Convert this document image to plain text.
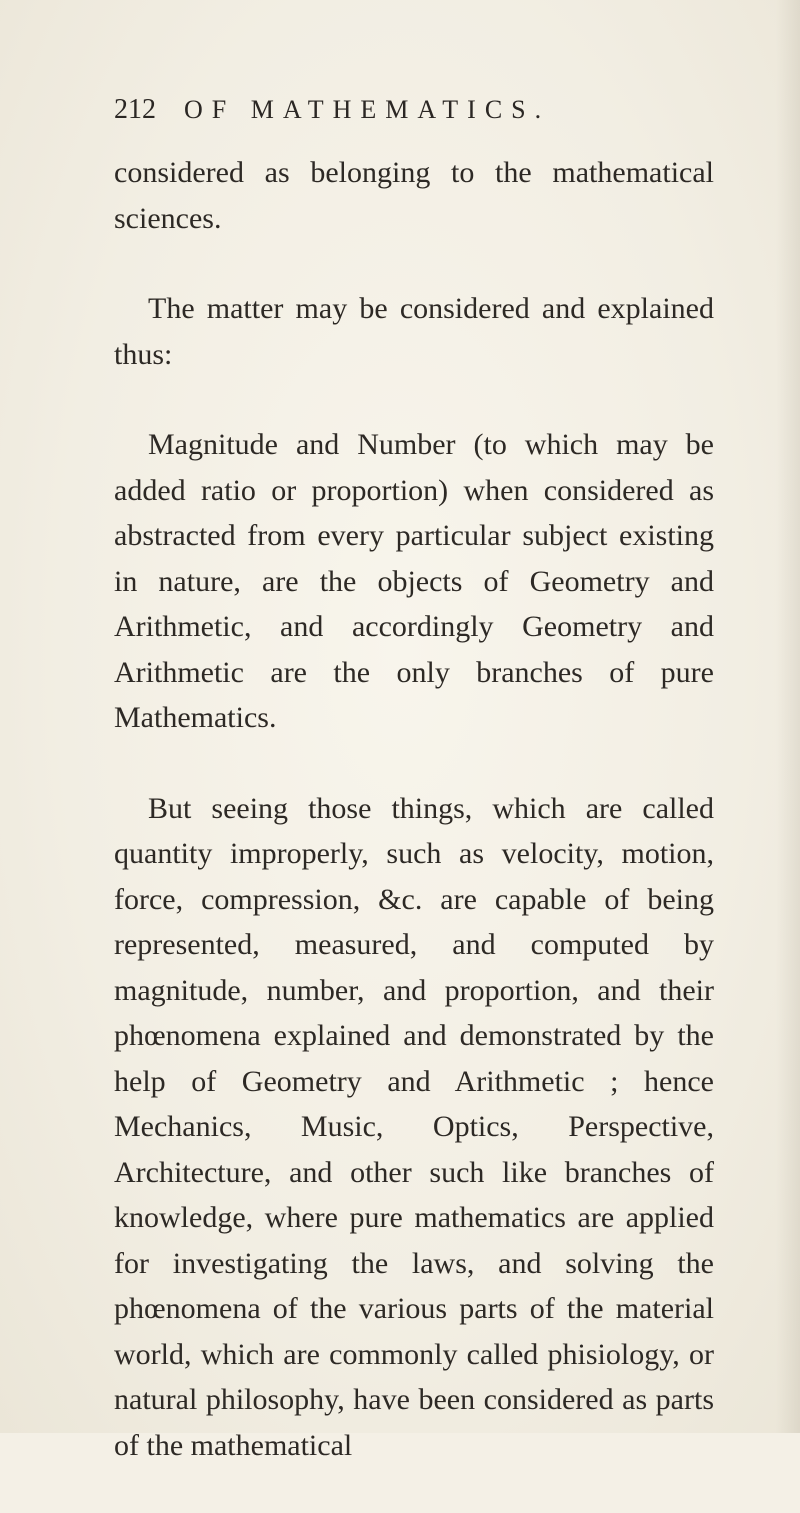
212	OF MATHEMATICS.

considered as belonging to the mathematical sciences.

The matter may be considered and explained thus:

Magnitude and Number (to which may be added ratio or proportion) when considered as abstracted from every particular subject existing in nature, are the objects of Geometry and Arithmetic, and accordingly Geometry and Arithmetic are the only branches of pure Mathematics.

But seeing those things, which are called quantity improperly, such as velocity, motion, force, compression, &c. are capable of being represented, measured, and computed by magnitude, number, and proportion, and their phœnomena explained and demonstrated by the help of Geometry and Arithmetic ; hence Mechanics, Music, Optics, Perspective, Architecture, and other such like branches of knowledge, where pure mathematics are applied for investigating the laws, and solving the phœnomena of the various parts of the material world, which are commonly called phisiology, or natural philosophy, have been considered as parts of the mathematical
